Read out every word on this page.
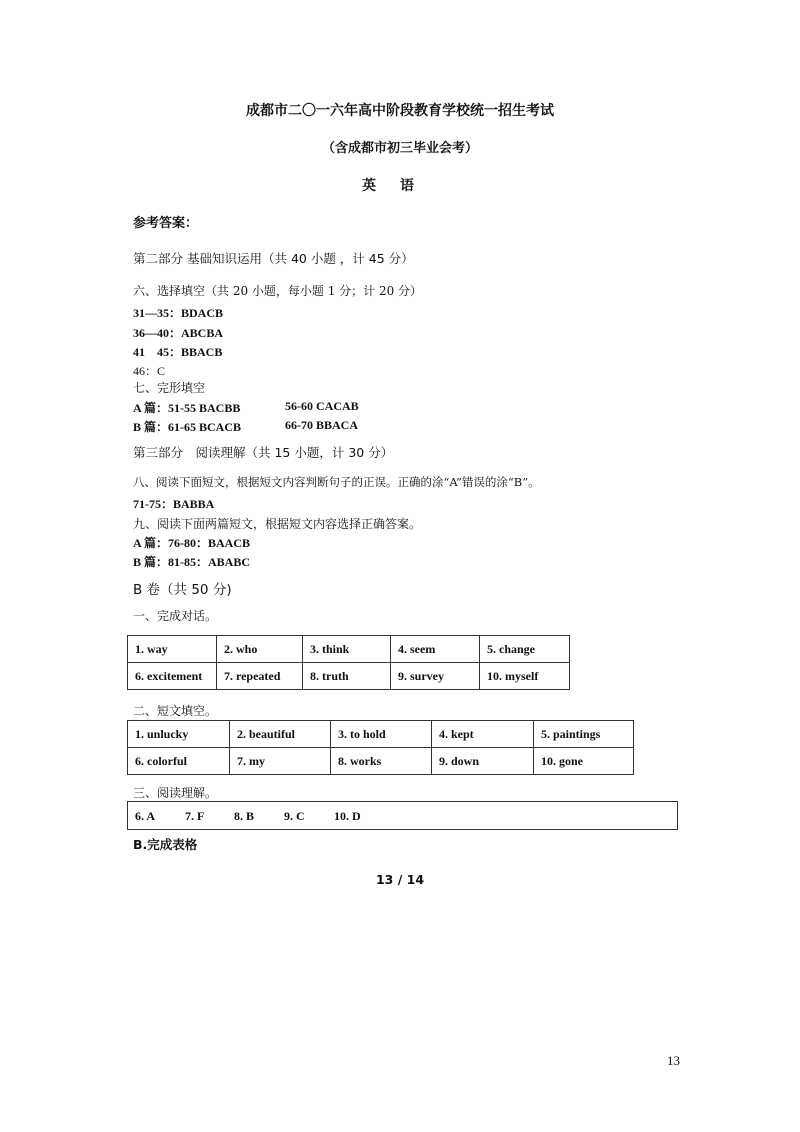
成都市二〇一六年高中阶段教育学校统一招生考试
（含成都市初三毕业会考）
英语
参考答案：
第二部分 基础知识运用（共 40 小题 ，计 45 分）
六、选择填空（共 20 小题，每小题 1 分；计 20 分）
31—35：BDACB
36—40：ABCBA
41　45：BBACB
46：C
七、完形填空
A 篇：51-55 BACBB	56-60 CACAB
B 篇：61-65 BCACB	66-70 BBACA
第三部分　阅读理解（共 15 小题，计 30 分）
八、阅读下面短文，根据短文内容判断句子的正误。正确的涂“A”错误的涂“B”。
71-75：BABBA
九、阅读下面两篇短文，根据短文内容选择正确答案。
A 篇：76-80：BAACB
B 篇：81-85：ABABC
B 卷（共 50 分)
一、完成对话。
1. way	2. who	3. think	4. seem	5. change
6. excitement	7. repeated	8. truth	9. survey	10. myself
二、短文填空。
1. unlucky	2. beautiful	3. to hold	4. kept	5. paintings
6. colorful	7. my	8. works	9. down	10. gone
三、阅读理解。
6. A 7. F 8. B 9. C 10. D
B.完成表格
13 / 14
13
